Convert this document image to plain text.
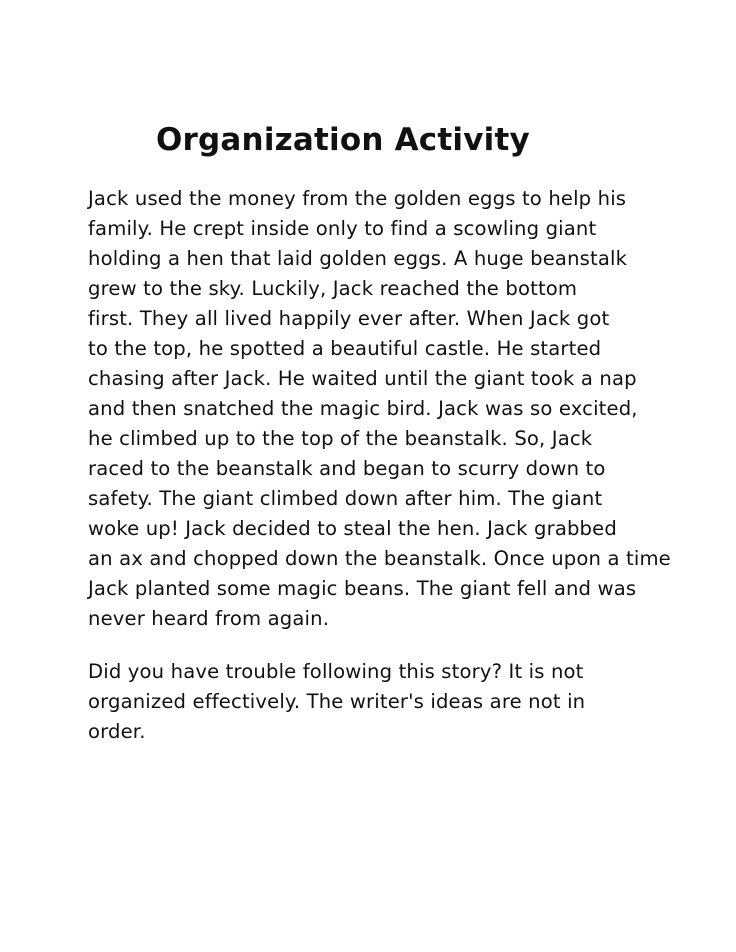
Organization Activity
Jack used the money from the golden eggs to help his
family. He crept inside only to find a scowling giant
holding a hen that laid golden eggs. A huge beanstalk
grew to the sky. Luckily, Jack reached the bottom
first. They all lived happily ever after. When Jack got
to the top, he spotted a beautiful castle. He started
chasing after Jack. He waited until the giant took a nap
and then snatched the magic bird. Jack was so excited,
he climbed up to the top of the beanstalk. So, Jack
raced to the beanstalk and began to scurry down to
safety. The giant climbed down after him. The giant
woke up! Jack decided to steal the hen. Jack grabbed
an ax and chopped down the beanstalk. Once upon a time
Jack planted some magic beans. The giant fell and was
never heard from again.
Did you have trouble following this story? It is not
organized effectively. The writer's ideas are not in
order.
